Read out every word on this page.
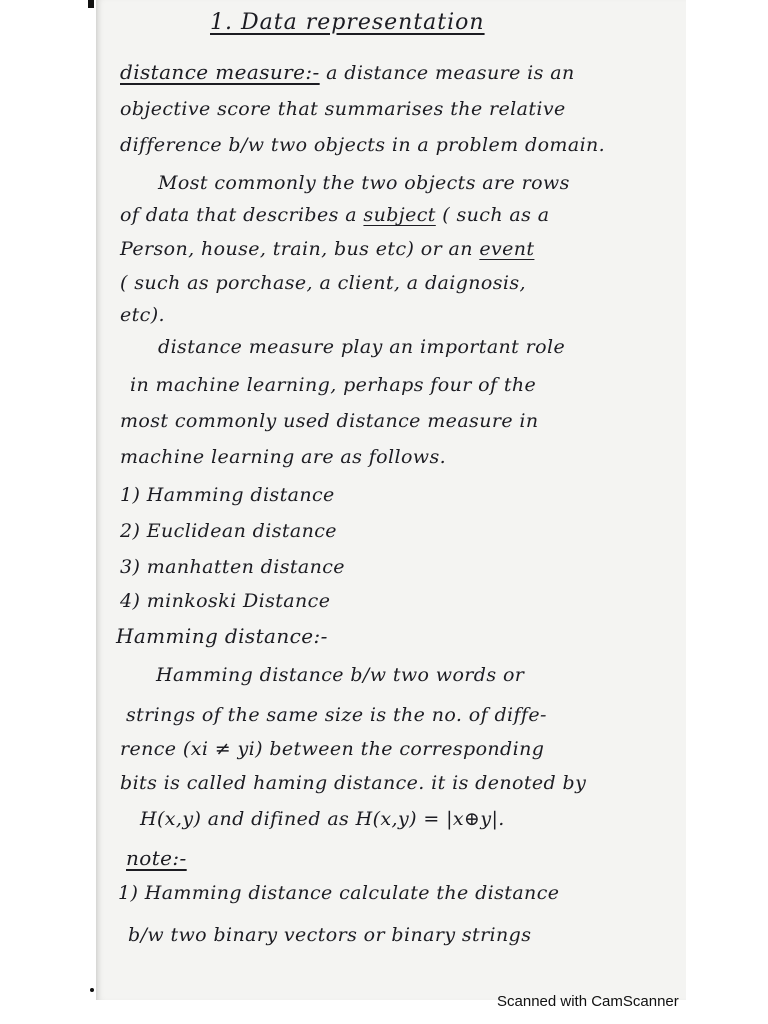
1. Data representation
distance measure:- a distance measure is an
objective score that summarises the relative
difference b/w two objects in a problem domain.
Most commonly the two objects are rows
of data that describes a subject ( such as a
Person, house, train, bus etc) or an event
( such as porchase, a client, a daignosis,
etc).
distance measure play an important role
in machine learning, perhaps four of the
most commonly used distance measure in
machine learning are as follows.
1) Hamming distance
2) Euclidean distance
3) manhatten distance
4) minkoski Distance
Hamming distance:-
Hamming distance b/w two words or
strings of the same size is the no. of diffe-
rence (xi ≠ yi) between the corresponding
bits is called haming distance. it is denoted by
H(x,y) and difined as H(x,y) = |x⊕y|.
note:-
1) Hamming distance calculate the distance
b/w two binary vectors or binary strings
Scanned with CamScanner
